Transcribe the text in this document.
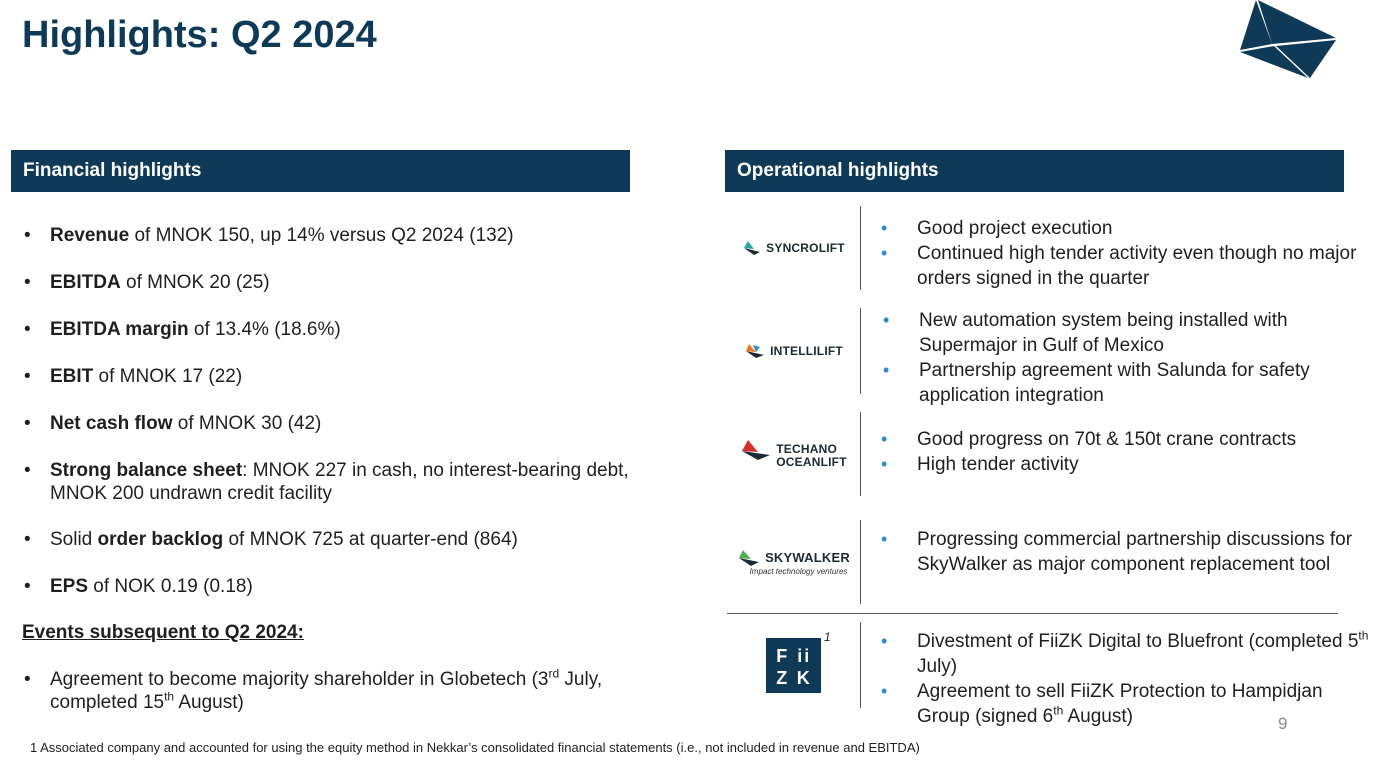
Highlights: Q2 2024
Financial highlights
• Revenue of MNOK 150, up 14% versus Q2 2024 (132)
• EBITDA of MNOK 20 (25)
• EBITDA margin of 13.4% (18.6%)
• EBIT of MNOK 17 (22)
• Net cash flow of MNOK 30 (42)
• Strong balance sheet: MNOK 227 in cash, no interest-bearing debt, MNOK 200 undrawn credit facility
• Solid order backlog of MNOK 725 at quarter-end (864)
• EPS of NOK 0.19 (0.18)

Events subsequent to Q2 2024:

• Agreement to become majority shareholder in Globetech (3rd July, completed 15th August)
Operational highlights
SYNCROLIFT
• Good project execution
• Continued high tender activity even though no major orders signed in the quarter
INTELLILIFT
• New automation system being installed with Supermajor in Gulf of Mexico
• Partnership agreement with Salunda for safety application integration
TECHANO
OCEANLIFT
• Good progress on 70t & 150t crane contracts
• High tender activity
SKYWALKER
Impact technology ventures
• Progressing commercial partnership discussions for SkyWalker as major component replacement tool
F ii
Z K
1
•	Divestment of FiiZK Digital to Bluefront (completed 5th July)
• Agreement to sell FiiZK Protection to Hampidjan Group (signed 6th August)

1 Associated company and accounted for using the equity method in Nekkar’s consolidated financial statements (i.e., not included in revenue and EBITDA)

9
